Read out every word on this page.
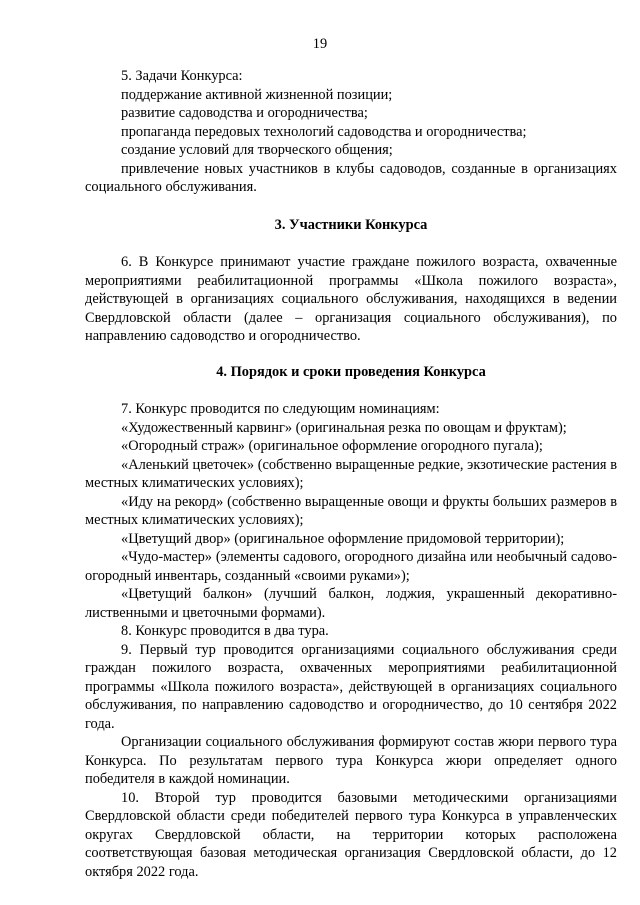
19

5. Задачи Конкурса:

поддержание активной жизненной позиции;

развитие садоводства и огородничества;

пропаганда передовых технологий садоводства и огородничества;

создание условий для творческого общения;

привлечение новых участников в клубы садоводов, созданные в организациях социального обслуживания.

3. Участники Конкурса

6. В Конкурсе принимают участие граждане пожилого возраста, охваченные мероприятиями реабилитационной программы «Школа пожилого возраста», действующей в организациях социального обслуживания, находящихся в ведении Свердловской области (далее – организация социального обслуживания), по направлению садоводство и огородничество.

4. Порядок и сроки проведения Конкурса

7. Конкурс проводится по следующим номинациям:

«Художественный карвинг» (оригинальная резка по овощам и фруктам);

«Огородный страж» (оригинальное оформление огородного пугала);

«Аленький цветочек» (собственно выращенные редкие, экзотические растения в местных климатических условиях);

«Иду на рекорд» (собственно выращенные овощи и фрукты больших размеров в местных климатических условиях);

«Цветущий двор» (оригинальное оформление придомовой территории);

«Чудо-мастер» (элементы садового, огородного дизайна или необычный садово-огородный инвентарь, созданный «своими руками»);

«Цветущий балкон» (лучший балкон, лоджия, украшенный декоративно-лиственными и цветочными формами).

8. Конкурс проводится в два тура.

9. Первый тур проводится организациями социального обслуживания среди граждан пожилого возраста, охваченных мероприятиями реабилитационной программы «Школа пожилого возраста», действующей в организациях социального обслуживания, по направлению садоводство и огородничество, до 10 сентября 2022 года.

Организации социального обслуживания формируют состав жюри первого тура Конкурса. По результатам первого тура Конкурса жюри определяет одного победителя в каждой номинации.

10. Второй тур проводится базовыми методическими организациями Свердловской области среди победителей первого тура Конкурса в управленческих округах Свердловской области, на территории которых расположена соответствующая базовая методическая организация Свердловской области, до 12 октября 2022 года.
